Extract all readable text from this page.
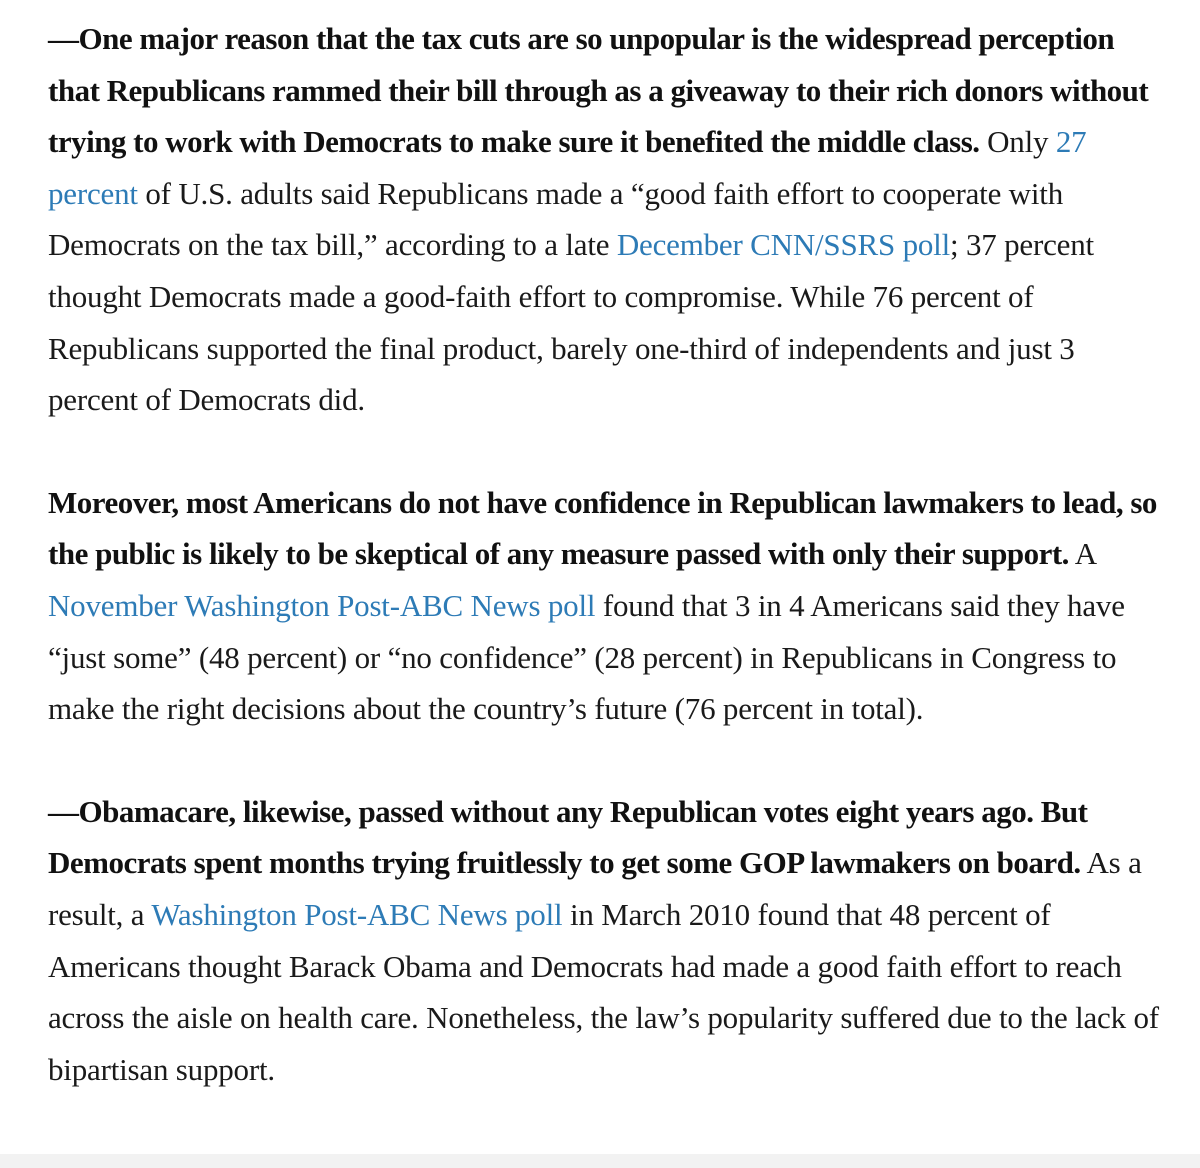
—One major reason that the tax cuts are so unpopular is the widespread perception that Republicans rammed their bill through as a giveaway to their rich donors without trying to work with Democrats to make sure it benefited the middle class. Only 27 percent of U.S. adults said Republicans made a “good faith effort to cooperate with Democrats on the tax bill,” according to a late December CNN/SSRS poll; 37 percent thought Democrats made a good-faith effort to compromise. While 76 percent of Republicans supported the final product, barely one-third of independents and just 3 percent of Democrats did.

Moreover, most Americans do not have confidence in Republican lawmakers to lead, so the public is likely to be skeptical of any measure passed with only their support. A November Washington Post-ABC News poll found that 3 in 4 Americans said they have “just some” (48 percent) or “no confidence” (28 percent) in Republicans in Congress to make the right decisions about the country’s future (76 percent in total).

—Obamacare, likewise, passed without any Republican votes eight years ago. But Democrats spent months trying fruitlessly to get some GOP lawmakers on board. As a result, a Washington Post-ABC News poll in March 2010 found that 48 percent of Americans thought Barack Obama and Democrats had made a good faith effort to reach across the aisle on health care. Nonetheless, the law’s popularity suffered due to the lack of bipartisan support.
